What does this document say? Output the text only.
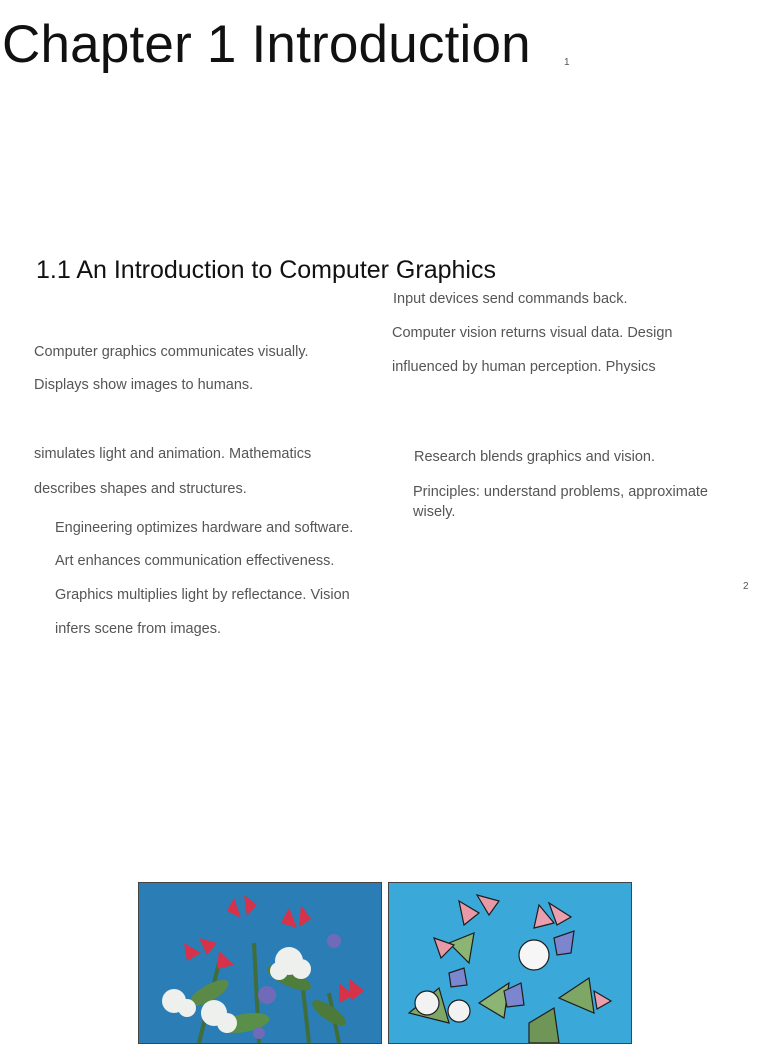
Chapter 1 Introduction	1
1.1 An Introduction to Computer Graphics
Input devices send commands back.
Computer vision returns visual data. Design
influenced by human perception. Physics
Computer graphics communicates visually.
Displays show images to humans.
simulates light and animation. Mathematics
describes shapes and structures.
Research blends graphics and vision.
Principles: understand problems, approximate wisely.
Engineering optimizes hardware and software.
Art enhances communication effectiveness.
Graphics multiplies light by reflectance. Vision
infers scene from images.
2
